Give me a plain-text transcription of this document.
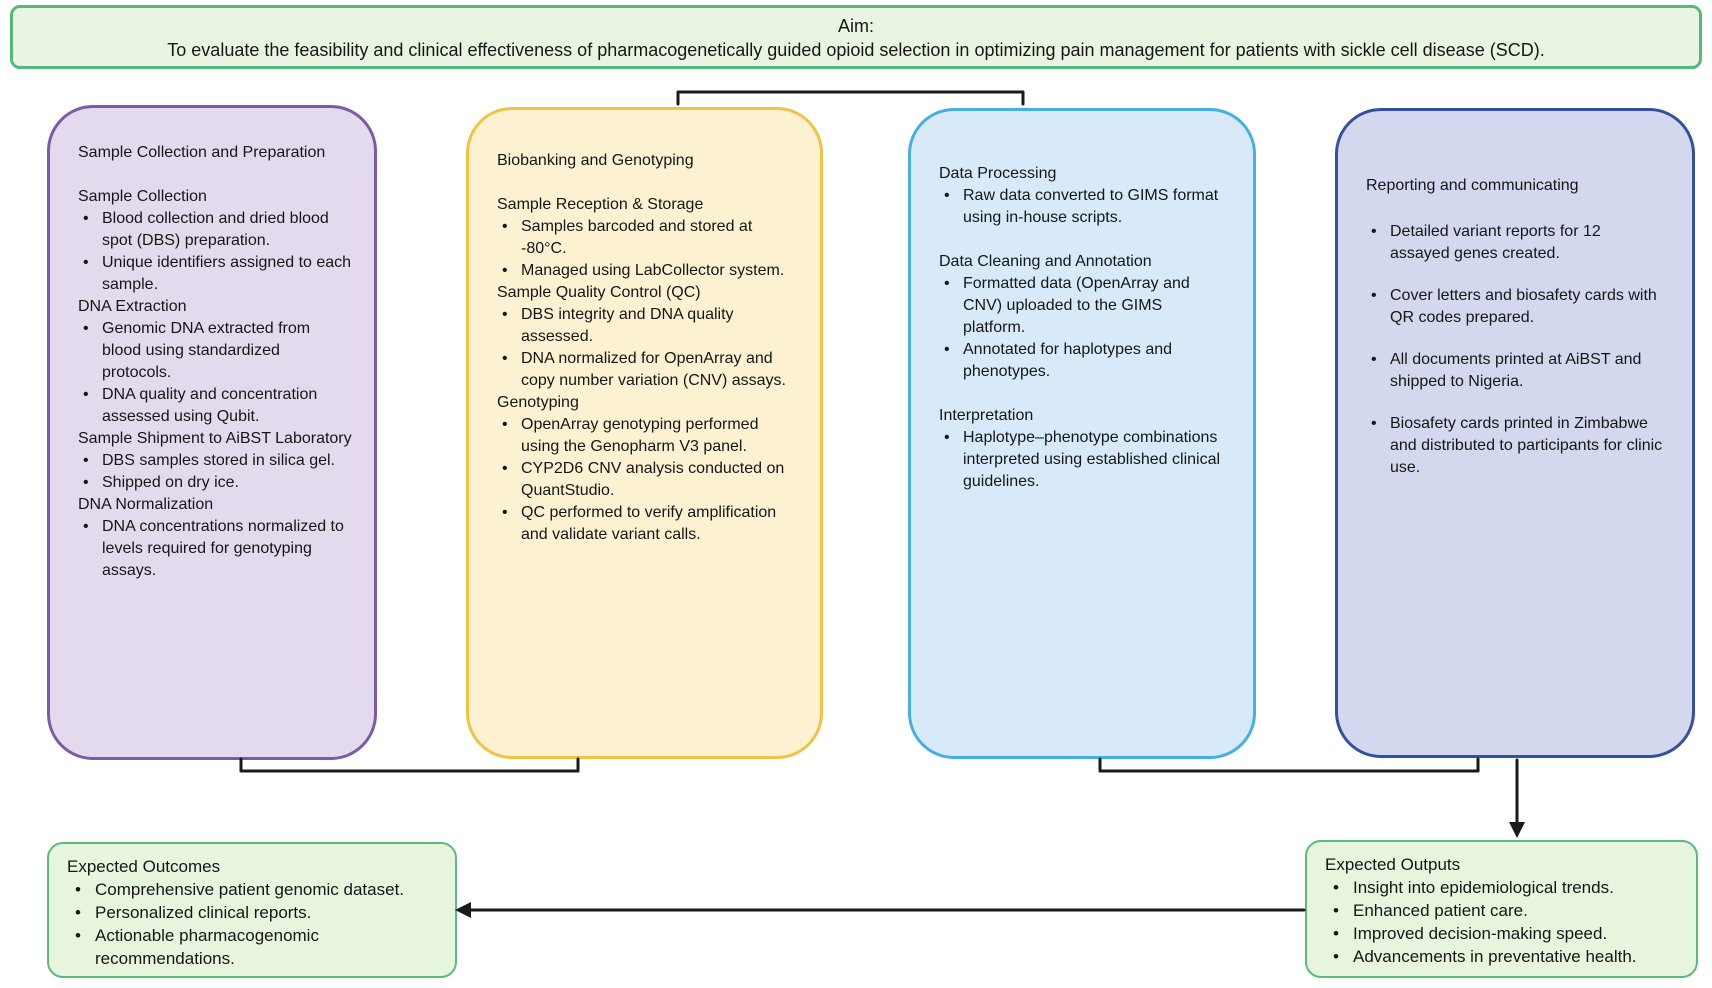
Aim:
To evaluate the feasibility and clinical effectiveness of pharmacogenetically guided opioid selection in optimizing pain management for patients with sickle cell disease (SCD).
Sample Collection and Preparation
Sample Collection
• Blood collection and dried blood spot (DBS) preparation.
• Unique identifiers assigned to each sample.
DNA Extraction
• Genomic DNA extracted from blood using standardized protocols.
• DNA quality and concentration assessed using Qubit.
Sample Shipment to AiBST Laboratory
• DBS samples stored in silica gel.
• Shipped on dry ice.
DNA Normalization
• DNA concentrations normalized to levels required for genotyping assays.
Biobanking and Genotyping
Sample Reception & Storage
• Samples barcoded and stored at -80°C.
• Managed using LabCollector system.
Sample Quality Control (QC)
• DBS integrity and DNA quality assessed.
• DNA normalized for OpenArray and copy number variation (CNV) assays.
Genotyping
• OpenArray genotyping performed using the Genopharm V3 panel.
• CYP2D6 CNV analysis conducted on QuantStudio.
• QC performed to verify amplification and validate variant calls.
Data Processing
• Raw data converted to GIMS format using in-house scripts.
Data Cleaning and Annotation
• Formatted data (OpenArray and CNV) uploaded to the GIMS platform.
• Annotated for haplotypes and phenotypes.
Interpretation
• Haplotype–phenotype combinations interpreted using established clinical guidelines.
Reporting and communicating
• Detailed variant reports for 12 assayed genes created.
• Cover letters and biosafety cards with QR codes prepared.
• All documents printed at AiBST and shipped to Nigeria.
• Biosafety cards printed in Zimbabwe and distributed to participants for clinic use.
Expected Outcomes
• Comprehensive patient genomic dataset.
• Personalized clinical reports.
• Actionable pharmacogenomic recommendations.
Expected Outputs
• Insight into epidemiological trends.
• Enhanced patient care.
• Improved decision-making speed.
• Advancements in preventative health.
